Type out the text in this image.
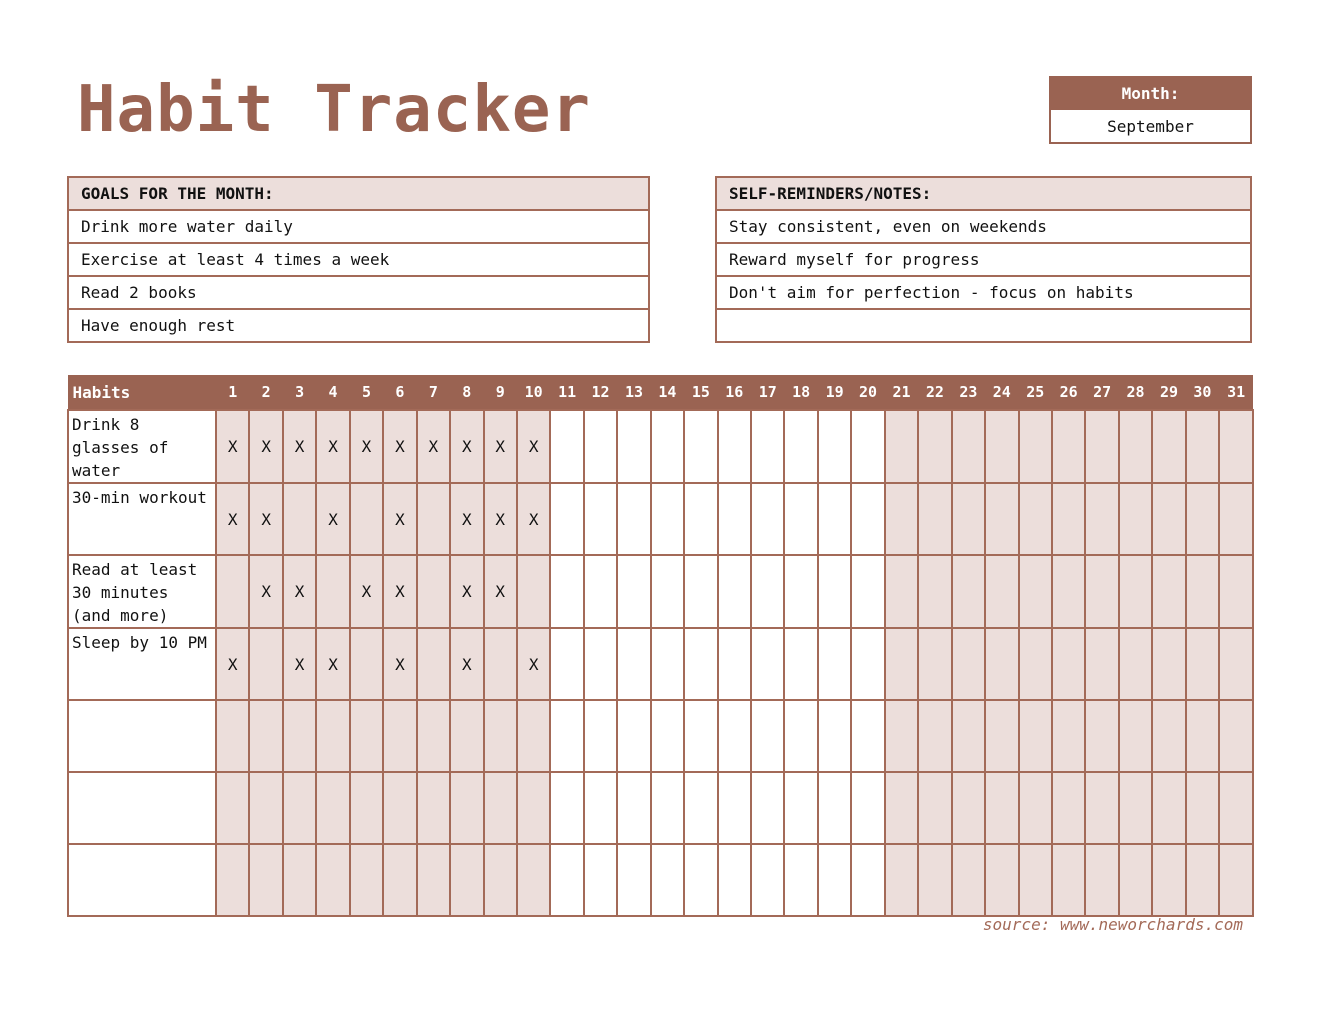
Habit Tracker	Month:
September
GOALS FOR THE MONTH:
Drink more water daily
Exercise at least 4 times a week
Read 2 books
Have enough rest
SELF-REMINDERS/NOTES:
Stay consistent, even on weekends
Reward myself for progress
Don't aim for perfection - focus on habits
Habits	1	2	3	4	5	6	7	8	9	10	11	12	13	14	15	16	17	18	19	20	21	22	23	24	25	26	27	28	29	30	31
Drink 8 glasses of water	X	X	X	X	X	X	X	X	X	X																					
30-min workout	X	X		X		X		X	X	X																					
Read at least 30 minutes (and more)		X	X		X	X		X	X																						
Sleep by 10 PM	X		X	X		X		X		X																					

source: www.neworchards.com
